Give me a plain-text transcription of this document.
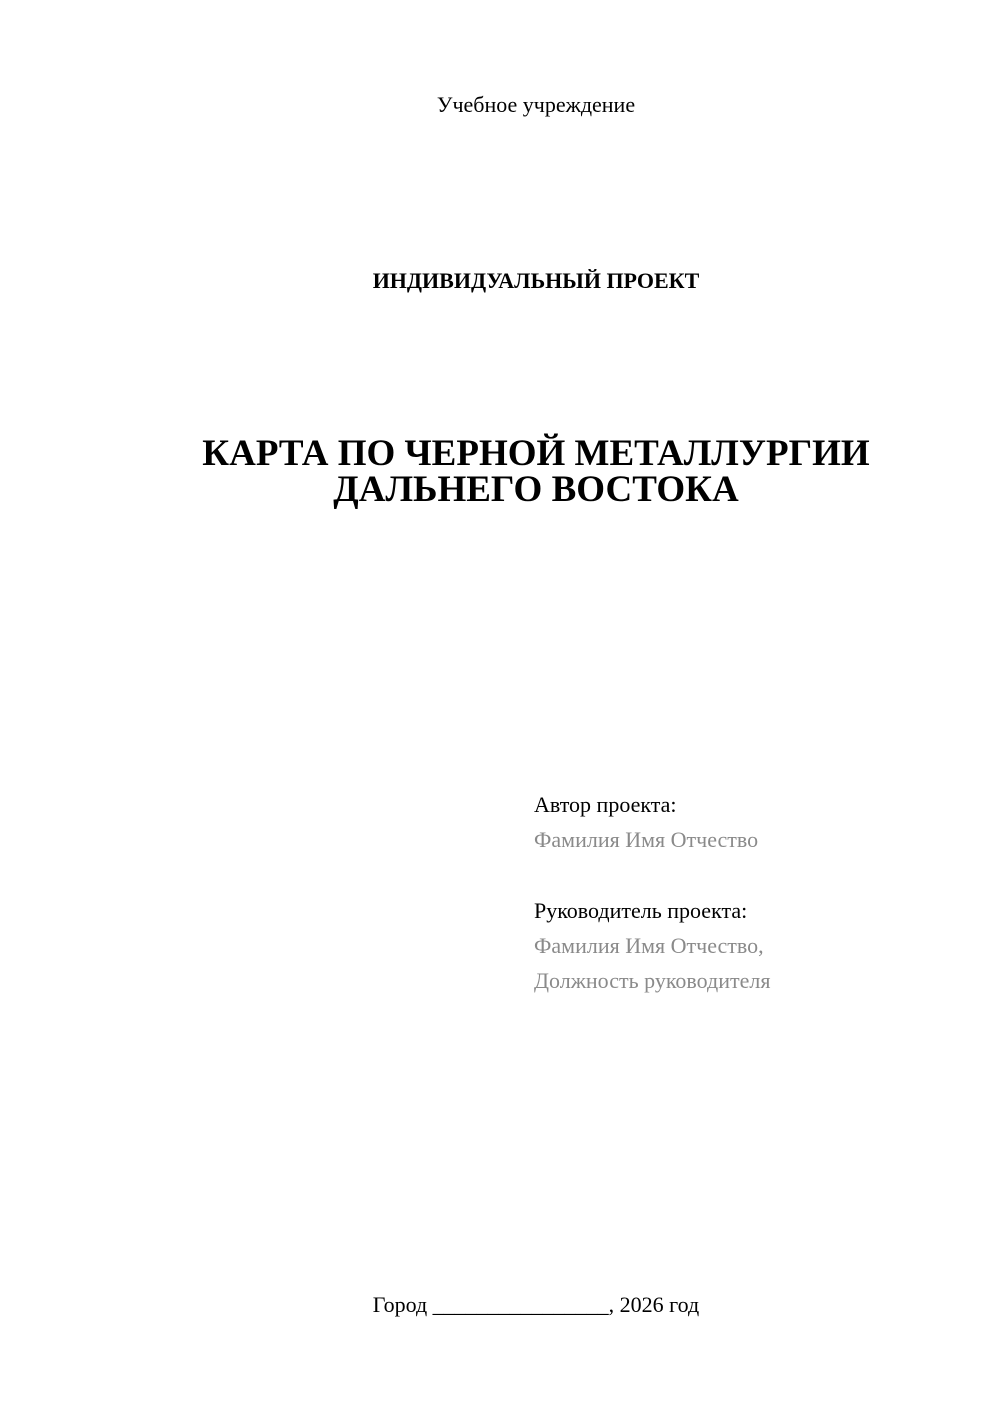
Учебное учреждение
ИНДИВИДУАЛЬНЫЙ ПРОЕКТ
КАРТА ПО ЧЕРНОЙ МЕТАЛЛУРГИИ
ДАЛЬНЕГО ВОСТОКА
Автор проекта:
Фамилия Имя Отчество
Руководитель проекта:
Фамилия Имя Отчество,
Должность руководителя
Город ________________, 2026 год
